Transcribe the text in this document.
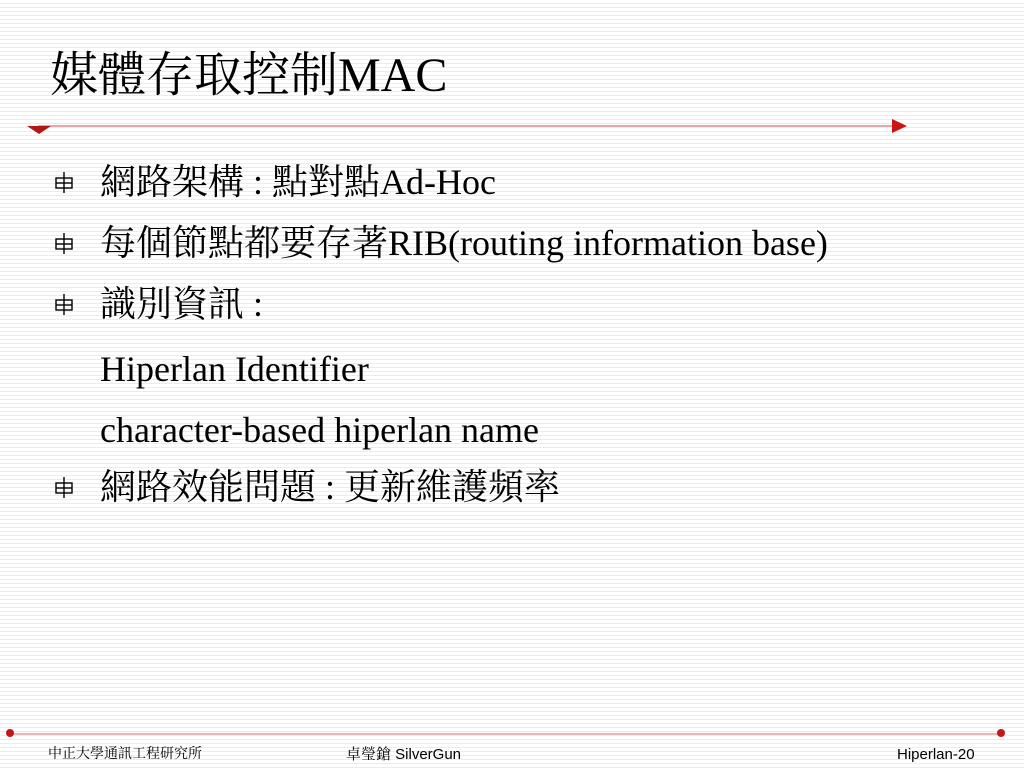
媒體存取控制MAC
網路架構 : 點對點Ad-Hoc
每個節點都要存著RIB(routing information base)
識別資訊 :
Hiperlan Identifier
character-based hiperlan name
網路效能問題 : 更新維護頻率
中正大學通訊工程研究所	卓瑩鎗 SilverGun	Hiperlan-20
